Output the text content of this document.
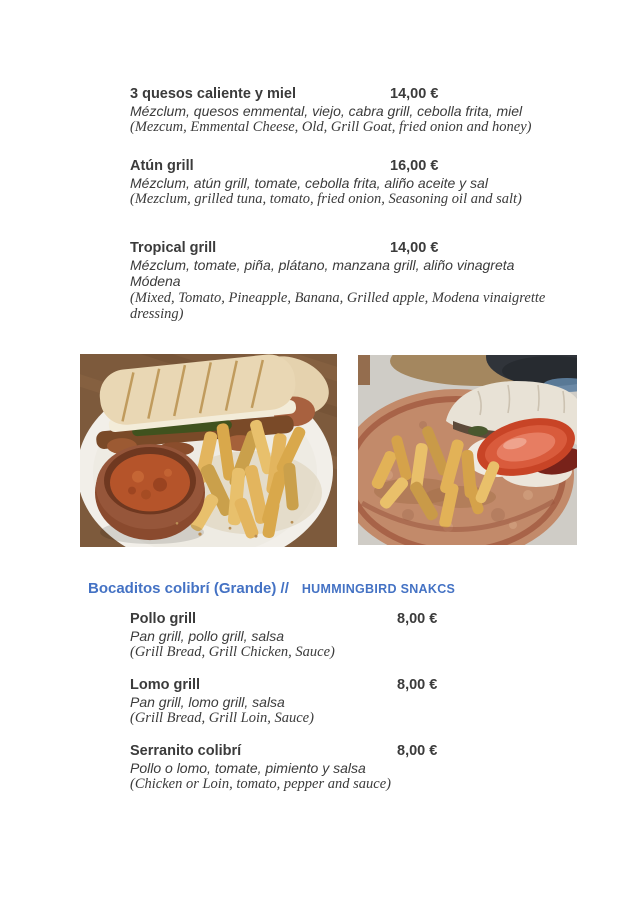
3 quesos caliente y miel	14,00 €
Mézclum, quesos emmental, viejo, cabra grill, cebolla frita, miel
(Mezcum, Emmental Cheese, Old, Grill Goat, fried onion and honey)
Atún grill	16,00 €
Mézclum, atún grill, tomate, cebolla frita, aliño aceite y sal
(Mezclum, grilled tuna, tomato, fried onion, Seasoning oil and salt)
Tropical grill	14,00 €
Mézclum, tomate, piña, plátano, manzana grill, aliño vinagreta
Módena
(Mixed, Tomato, Pineapple, Banana, Grilled apple, Modena vinaigrette
dressing)
Bocaditos colibrí (Grande) // HUMMINGBIRD SNAKCS
Pollo grill	8,00 €
Pan grill, pollo grill, salsa
(Grill Bread, Grill Chicken, Sauce)
Lomo grill	8,00 €
Pan grill, lomo grill, salsa
(Grill Bread, Grill Loin, Sauce)
Serranito colibrí	8,00 €
Pollo o lomo, tomate, pimiento y salsa
(Chicken or Loin, tomato, pepper and sauce)
